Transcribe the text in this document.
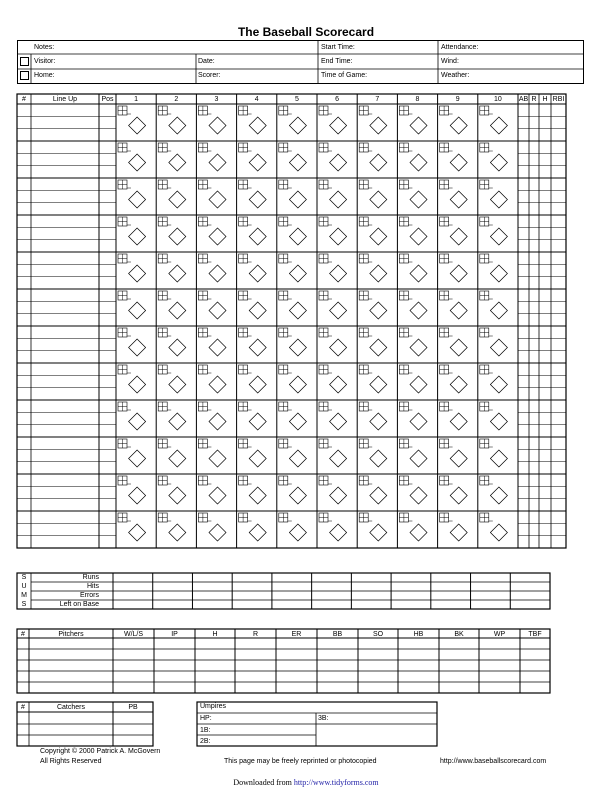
The Baseball Scorecard
Notes:	Start Time:	Attendance:
Visitor:	Date:	End Time:	Wind:
Home:	Scorer:	Time of Game:	Weather:
#	Line Up	Pos	1	2	3	4	5	6	7	8	9	10	AB R H RBI
S
U
M
S
Runs
Hits
Errors
Left on Base
#	Pitchers	W/L/S	IP	H	R	ER	BB	SO	HB	BK	WP	TBF
#	Catchers	PB	Umpires
HP:	3B:
1B:
2B:
Copyright © 2000 Patrick A. McGovern
All Rights Reserved	This page may be freely reprinted or photocopied	http://www.baseballscorecard.com
Downloaded from http://www.tidyforms.com
